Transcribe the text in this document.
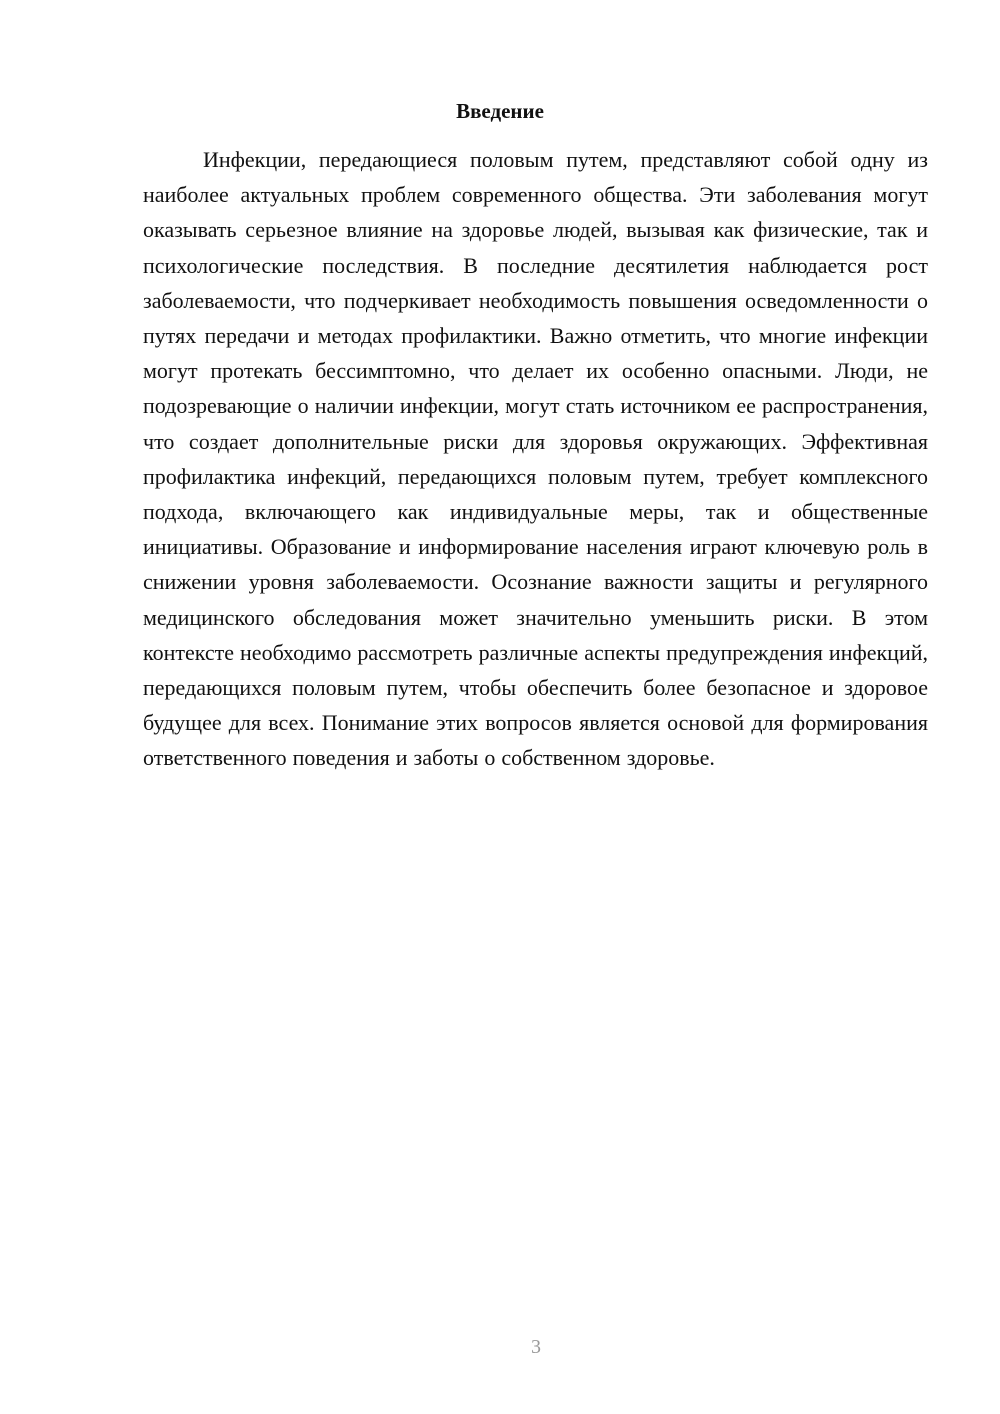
Введение

Инфекции, передающиеся половым путем, представляют собой одну из наиболее актуальных проблем современного общества. Эти заболевания могут оказывать серьезное влияние на здоровье людей, вызывая как физические, так и психологические последствия. В последние десятилетия наблюдается рост заболеваемости, что подчеркивает необходимость повышения осведомленности о путях передачи и методах профилактики. Важно отметить, что многие инфекции могут протекать бессимптомно, что делает их особенно опасными. Люди, не подозревающие о наличии инфекции, могут стать источником ее распространения, что создает дополнительные риски для здоровья окружающих. Эффективная профилактика инфекций, передающихся половым путем, требует комплексного подхода, включающего как индивидуальные меры, так и общественные инициативы. Образование и информирование населения играют ключевую роль в снижении уровня заболеваемости. Осознание важности защиты и регулярного медицинского обследования может значительно уменьшить риски. В этом контексте необходимо рассмотреть различные аспекты предупреждения инфекций, передающихся половым путем, чтобы обеспечить более безопасное и здоровое будущее для всех. Понимание этих вопросов является основой для формирования ответственного поведения и заботы о собственном здоровье.

3
